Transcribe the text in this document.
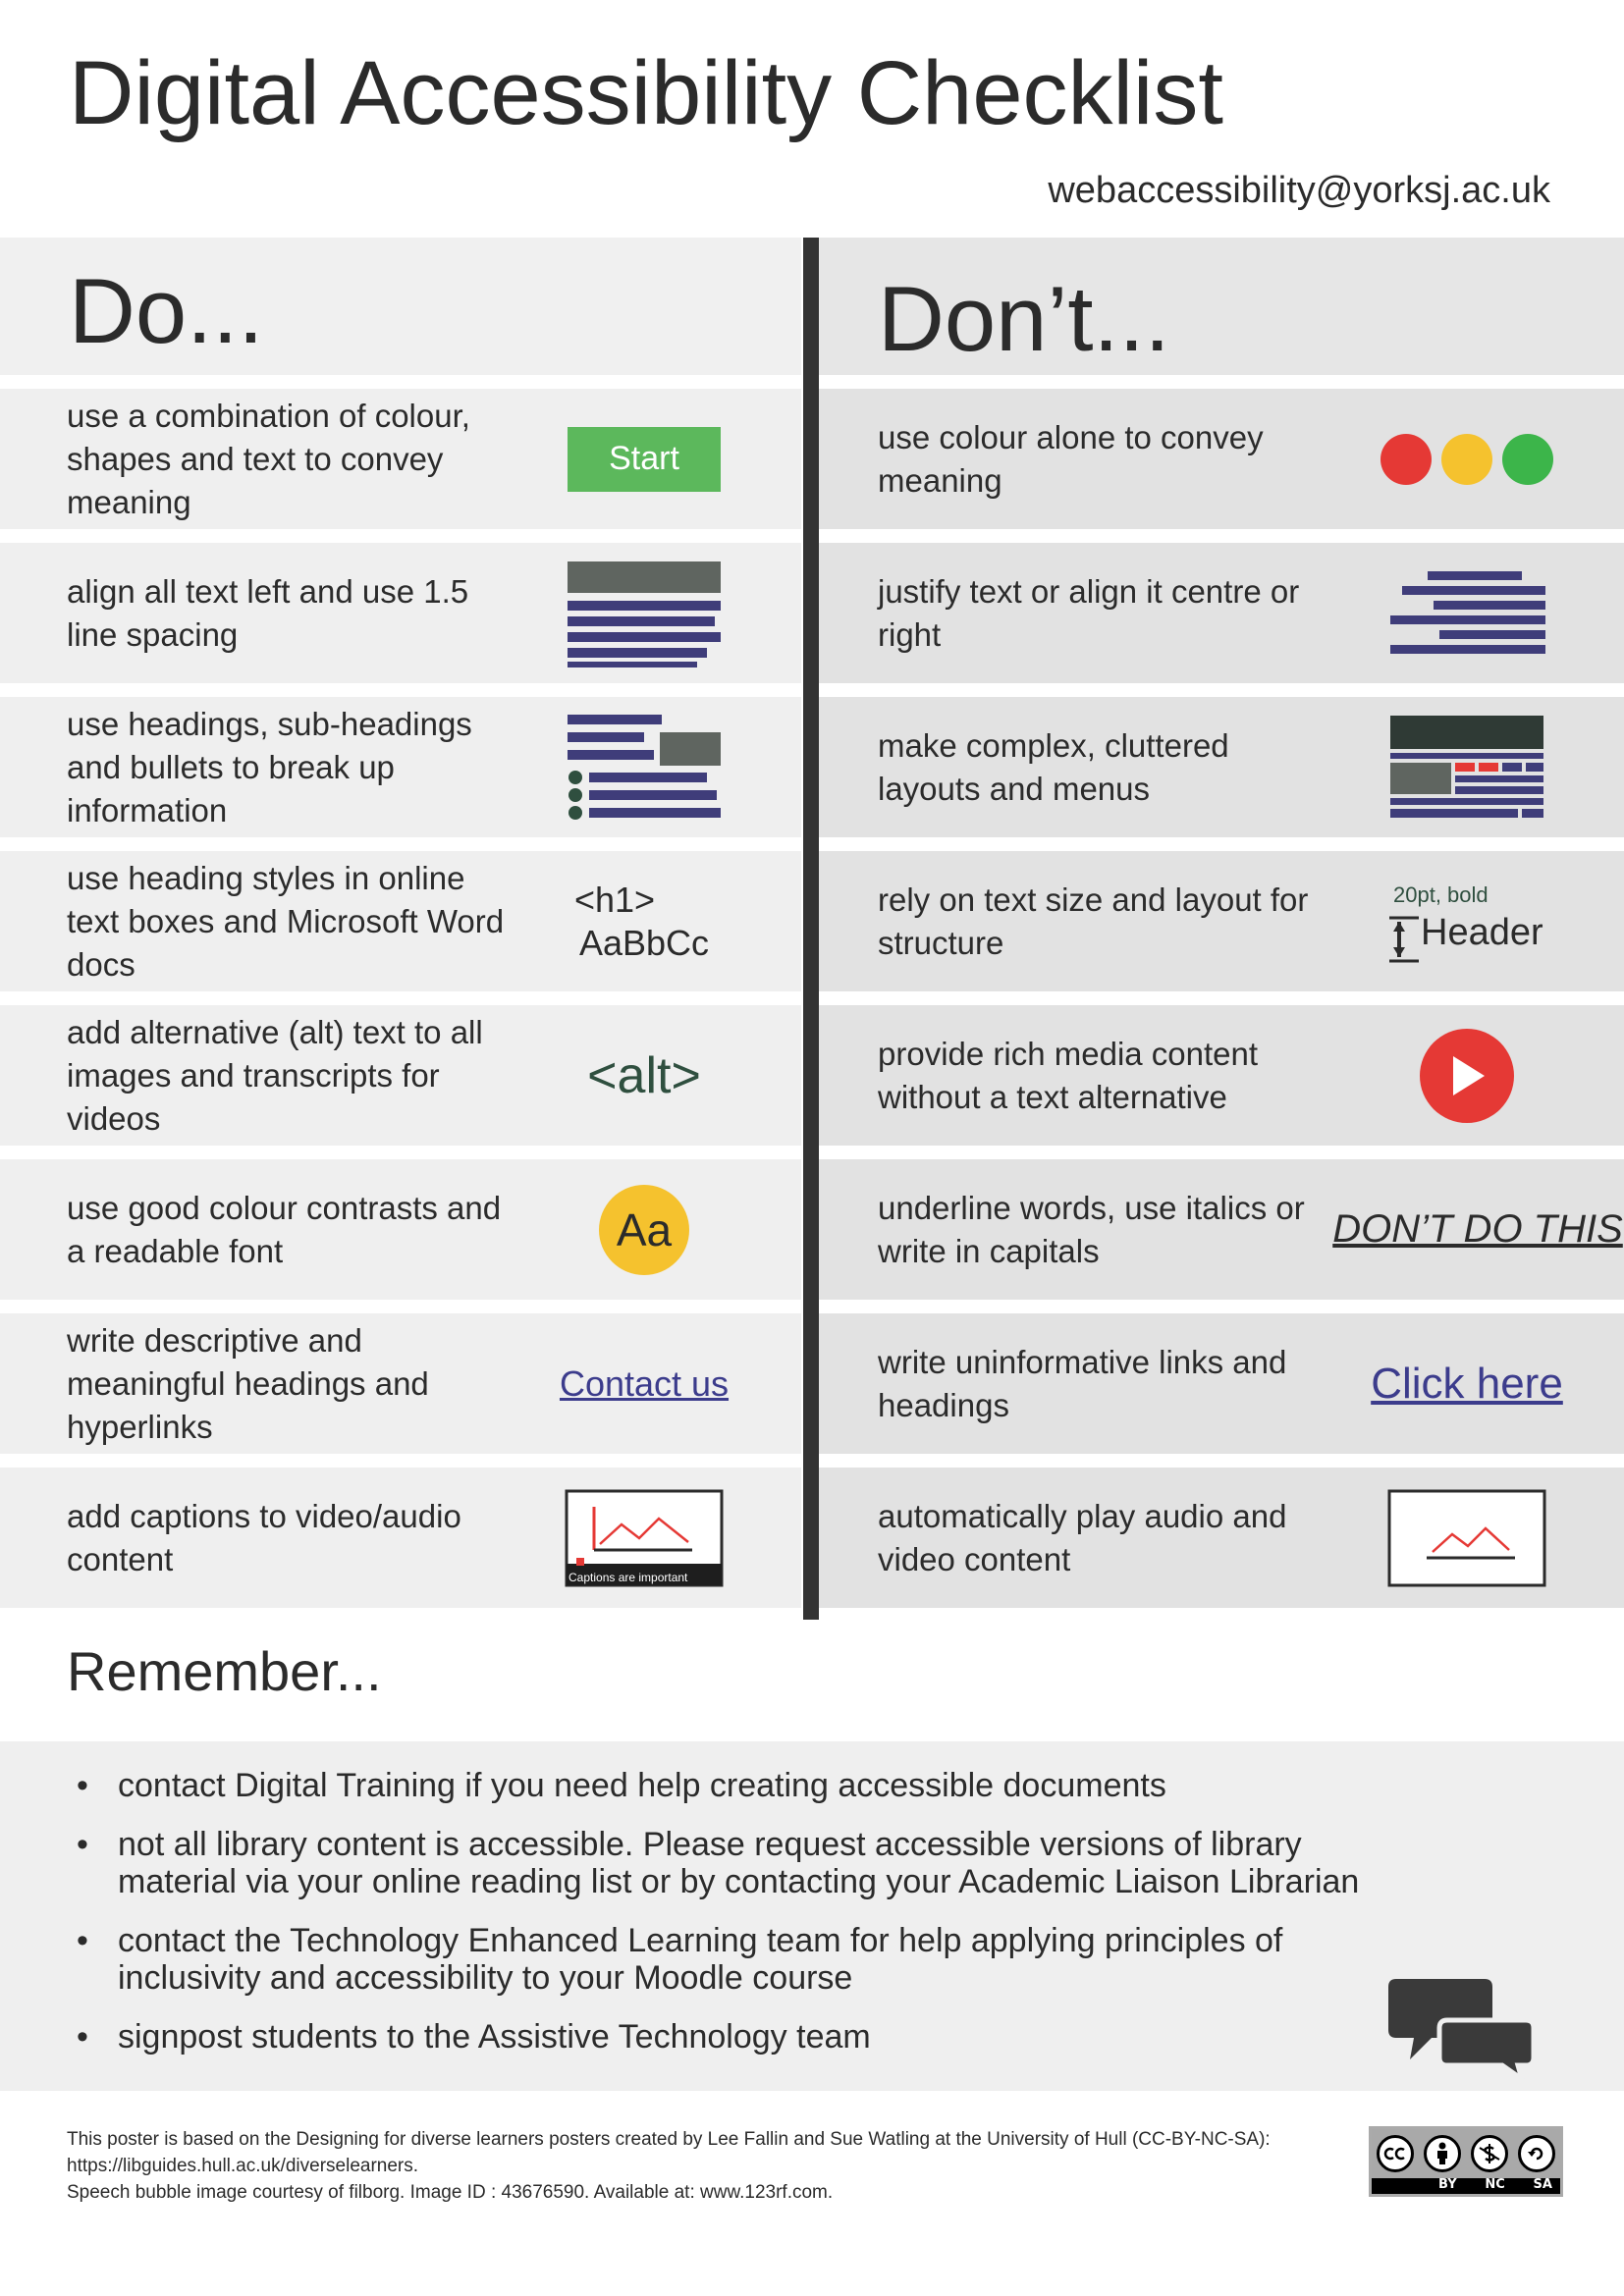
Digital Accessibility Checklist
webaccessibility@yorksj.ac.uk
Do...
use a combination of colour, shapes and text to convey meaning
Start
align all text left and use 1.5 line spacing
use headings, sub-headings and bullets to break up information
use heading styles in online text boxes and Microsoft Word docs
<h1>
AaBbCc
add alternative (alt) text to all images and transcripts for videos
<alt>
use good colour contrasts and a readable font	Aa
write descriptive and meaningful headings and hyperlinks
Contact us
add captions to video/audio content	Captions are important
Don’t...
use colour alone to convey meaning
justify text or align it centre or right
make complex, cluttered layouts and menus
rely on text size and layout for structure
20pt, bold
Header
provide rich media content without a text alternative
underline words, use italics or write in capitals	DON’T DO THIS
write uninformative links and headings	Click here
automatically play audio and video content
Remember...
• contact Digital Training if you need help creating accessible documents
• not all library content is accessible. Please request accessible versions of library material via your online reading list or by contacting your Academic Liaison Librarian
• contact the Technology Enhanced Learning team for help applying principles of inclusivity and accessibility to your Moodle course
• signpost students to the Assistive Technology team
This poster is based on the Designing for diverse learners posters created by Lee Fallin and Sue Watling at the University of Hull (CC-BY-NC-SA):
https://libguides.hull.ac.uk/diverselearners.
Speech bubble image courtesy of filborg. Image ID : 43676590. Available at: www.123rf.com.	BY NC SA
